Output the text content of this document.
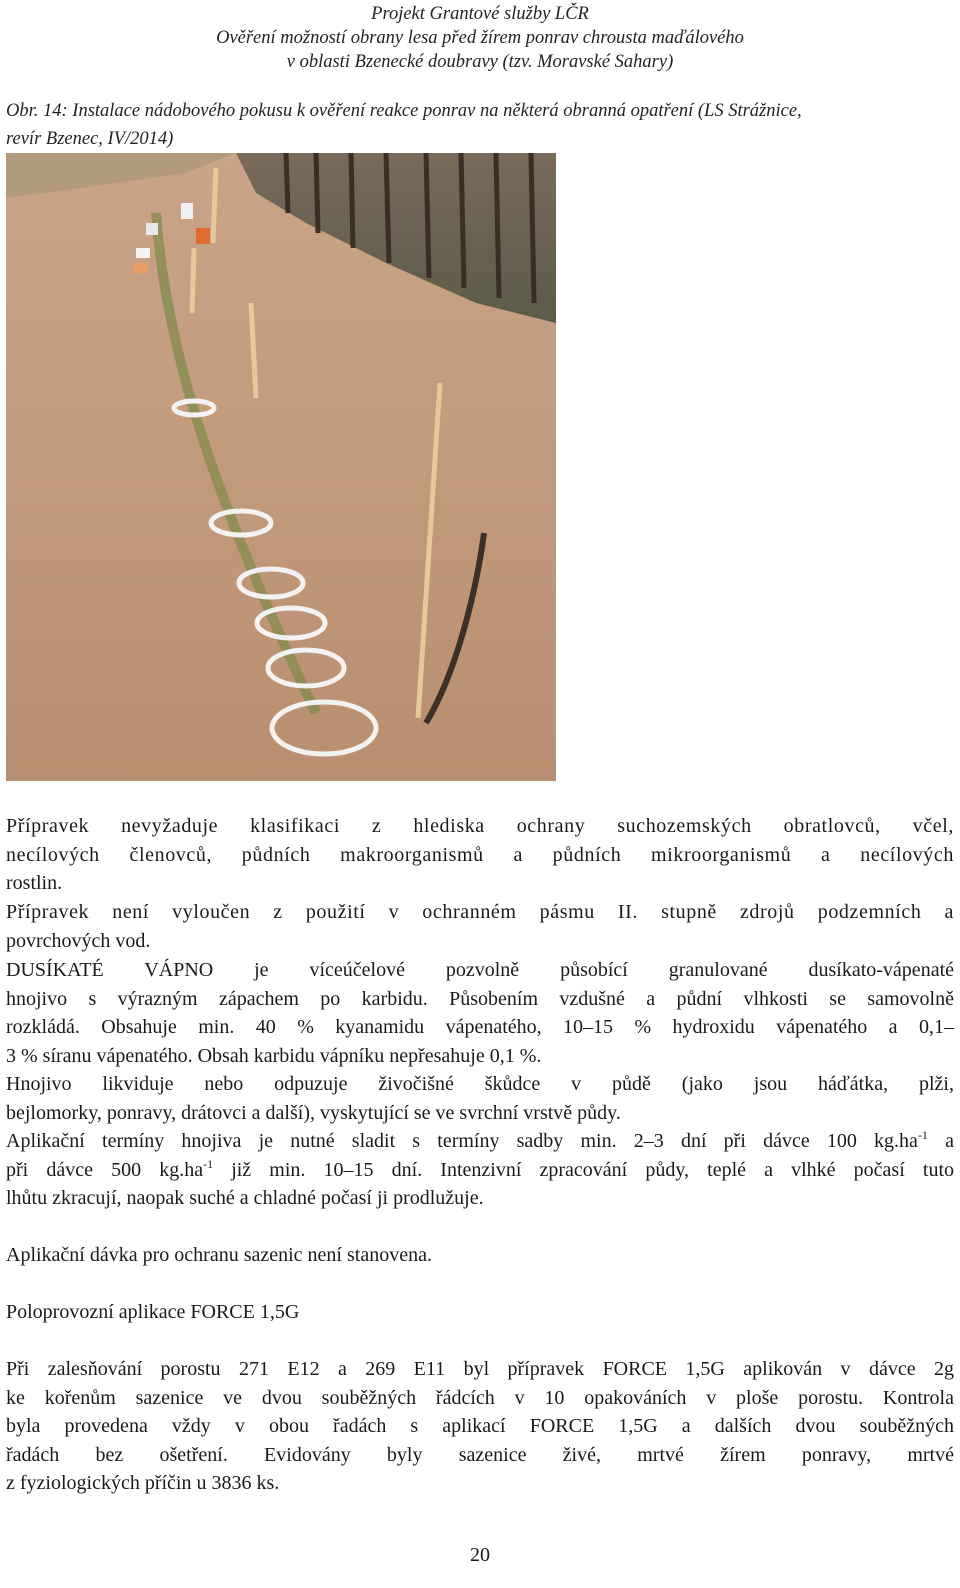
Projekt Grantové služby LČR
Ověření možností obrany lesa před žírem ponrav chrousta maďálového
v oblasti Bzenecké doubravy (tzv. Moravské Sahary)
Obr. 14: Instalace nádobového pokusu k ověření reakce ponrav na některá obranná opatření (LS Strážnice,
revír Bzenec, IV/2014)

Přípravek nevyžaduje klasifikaci z hlediska ochrany suchozemských obratlovců, včel,
necílových členovců, půdních makroorganismů a půdních mikroorganismů a necílových
rostlin.

Přípravek není vyloučen z použití v ochranném pásmu II. stupně zdrojů podzemních a
povrchových vod.

DUSÍKATÉ VÁPNO je víceúčelové pozvolně působící granulované dusíkato-vápenaté
hnojivo s výrazným zápachem po karbidu. Působením vzdušné a půdní vlhkosti se samovolně
rozkládá. Obsahuje min. 40 % kyanamidu vápenatého, 10–15 % hydroxidu vápenatého a 0,1–
3 % síranu vápenatého. Obsah karbidu vápníku nepřesahuje 0,1 %.

Hnojivo likviduje nebo odpuzuje živočišné škůdce v půdě (jako jsou háďátka, plži,
bejlomorky, ponravy, drátovci a další), vyskytující se ve svrchní vrstvě půdy.

Aplikační termíny hnojiva je nutné sladit s termíny sadby min. 2–3 dní při dávce 100 $kg.ha^{-1}$ a
při dávce 500 $kg.ha^{-1}$ již min. 10–15 dní. Intenzivní zpracování půdy, teplé a vlhké počasí tuto
lhůtu zkracují, naopak suché a chladné počasí ji prodlužuje.

Aplikační dávka pro ochranu sazenic není stanovena.

Poloprovozní aplikace FORCE 1,5G

Při zalesňování porostu 271 E12 a 269 E11 byl přípravek FORCE 1,5G aplikován v dávce 2g
ke kořenům sazenice ve dvou souběžných řádcích v 10 opakováních v ploše porostu. Kontrola
byla provedena vždy v obou řadách s aplikací FORCE 1,5G a dalších dvou souběžných
řadách bez ošetření. Evidovány byly sazenice živé, mrtvé žírem ponravy, mrtvé
z fyziologických příčin u 3836 ks.

20
